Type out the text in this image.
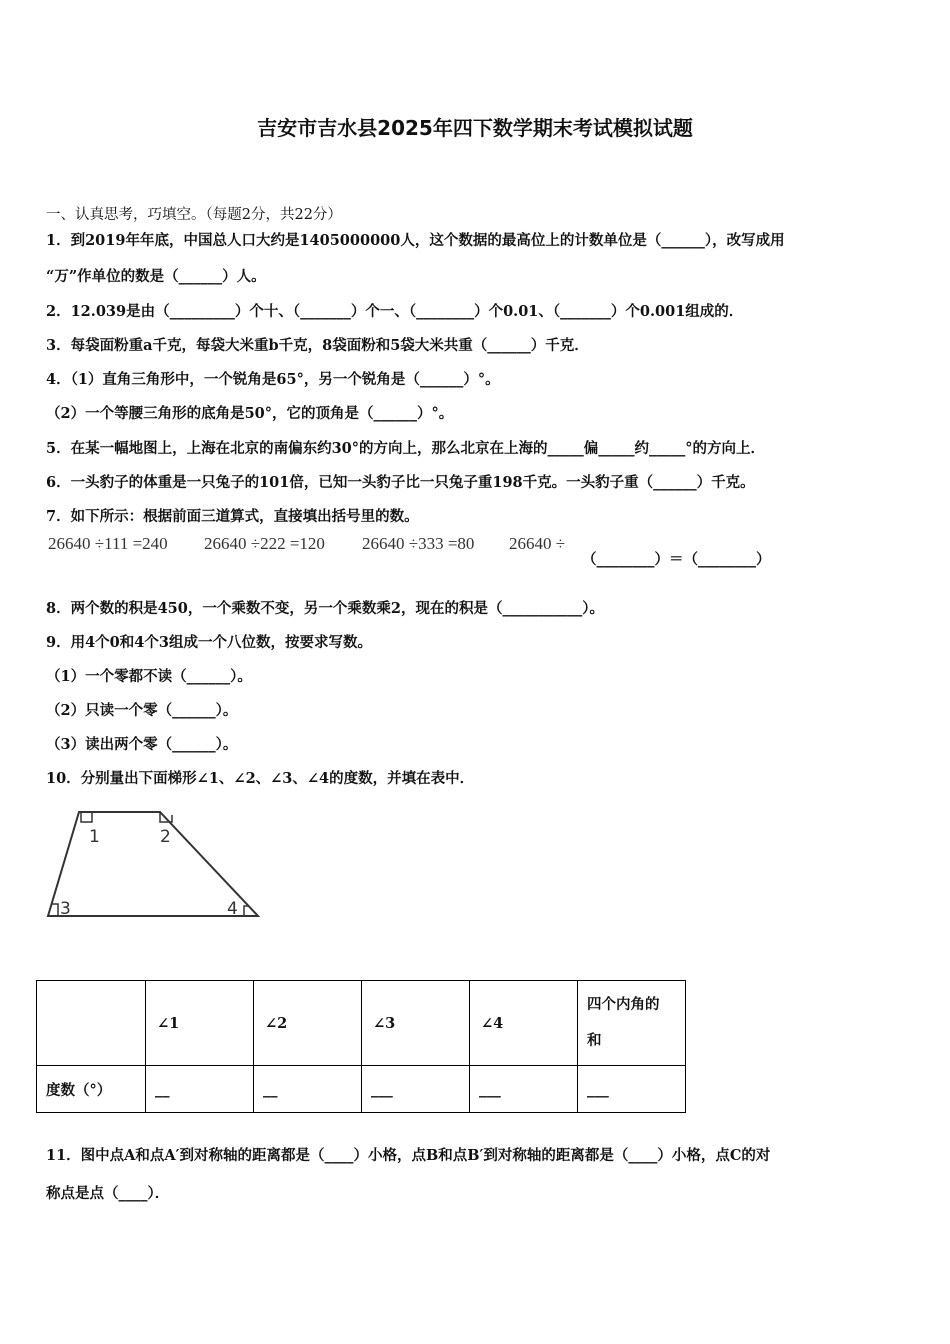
吉安市吉水县2025年四下数学期末考试模拟试题
一、认真思考，巧填空。（每题2分，共22分）
1．到2019年年底，中国总人口大约是1405000000人，这个数据的最高位上的计数单位是（______），改写成用
“万”作单位的数是（______）人。
2．12.039是由（_________）个十、（_______）个一、（________）个0.01、（_______）个0.001组成的．
3．每袋面粉重a千克，每袋大米重b千克，8袋面粉和5袋大米共重（______）千克．
4．（1）直角三角形中，一个锐角是65°，另一个锐角是（______）°。
（2）一个等腰三角形的底角是50°，它的顶角是（______）°。
5．在某一幅地图上，上海在北京的南偏东约30°的方向上，那么北京在上海的_____偏_____约_____°的方向上．
6．一头豹子的体重是一只兔子的101倍，已知一头豹子比一只兔子重198千克。一头豹子重（______）千克。
7．如下所示：根据前面三道算式，直接填出括号里的数。
26640 ÷111 =240 26640 ÷222 =120 26640 ÷333 =80 26640 ÷
（________）＝（________）
8．两个数的积是450，一个乘数不变，另一个乘数乘2，现在的积是（___________）。
9．用4个0和4个3组成一个八位数，按要求写数。
（1）一个零都不读（______）。
（2）只读一个零（______）。
（3）读出两个零（______）。
10．分别量出下面梯形∠1、∠2、∠3、∠4的度数，并填在表中．
1	2
3	4
	∠1	∠2	∠3	∠4	四个内角的
和

度数（°）	__	__	___	___	___
11．图中点A和点A′到对称轴的距离都是（____）小格，点B和点B′到对称轴的距离都是（____）小格，点C的对
称点是点（____）．
